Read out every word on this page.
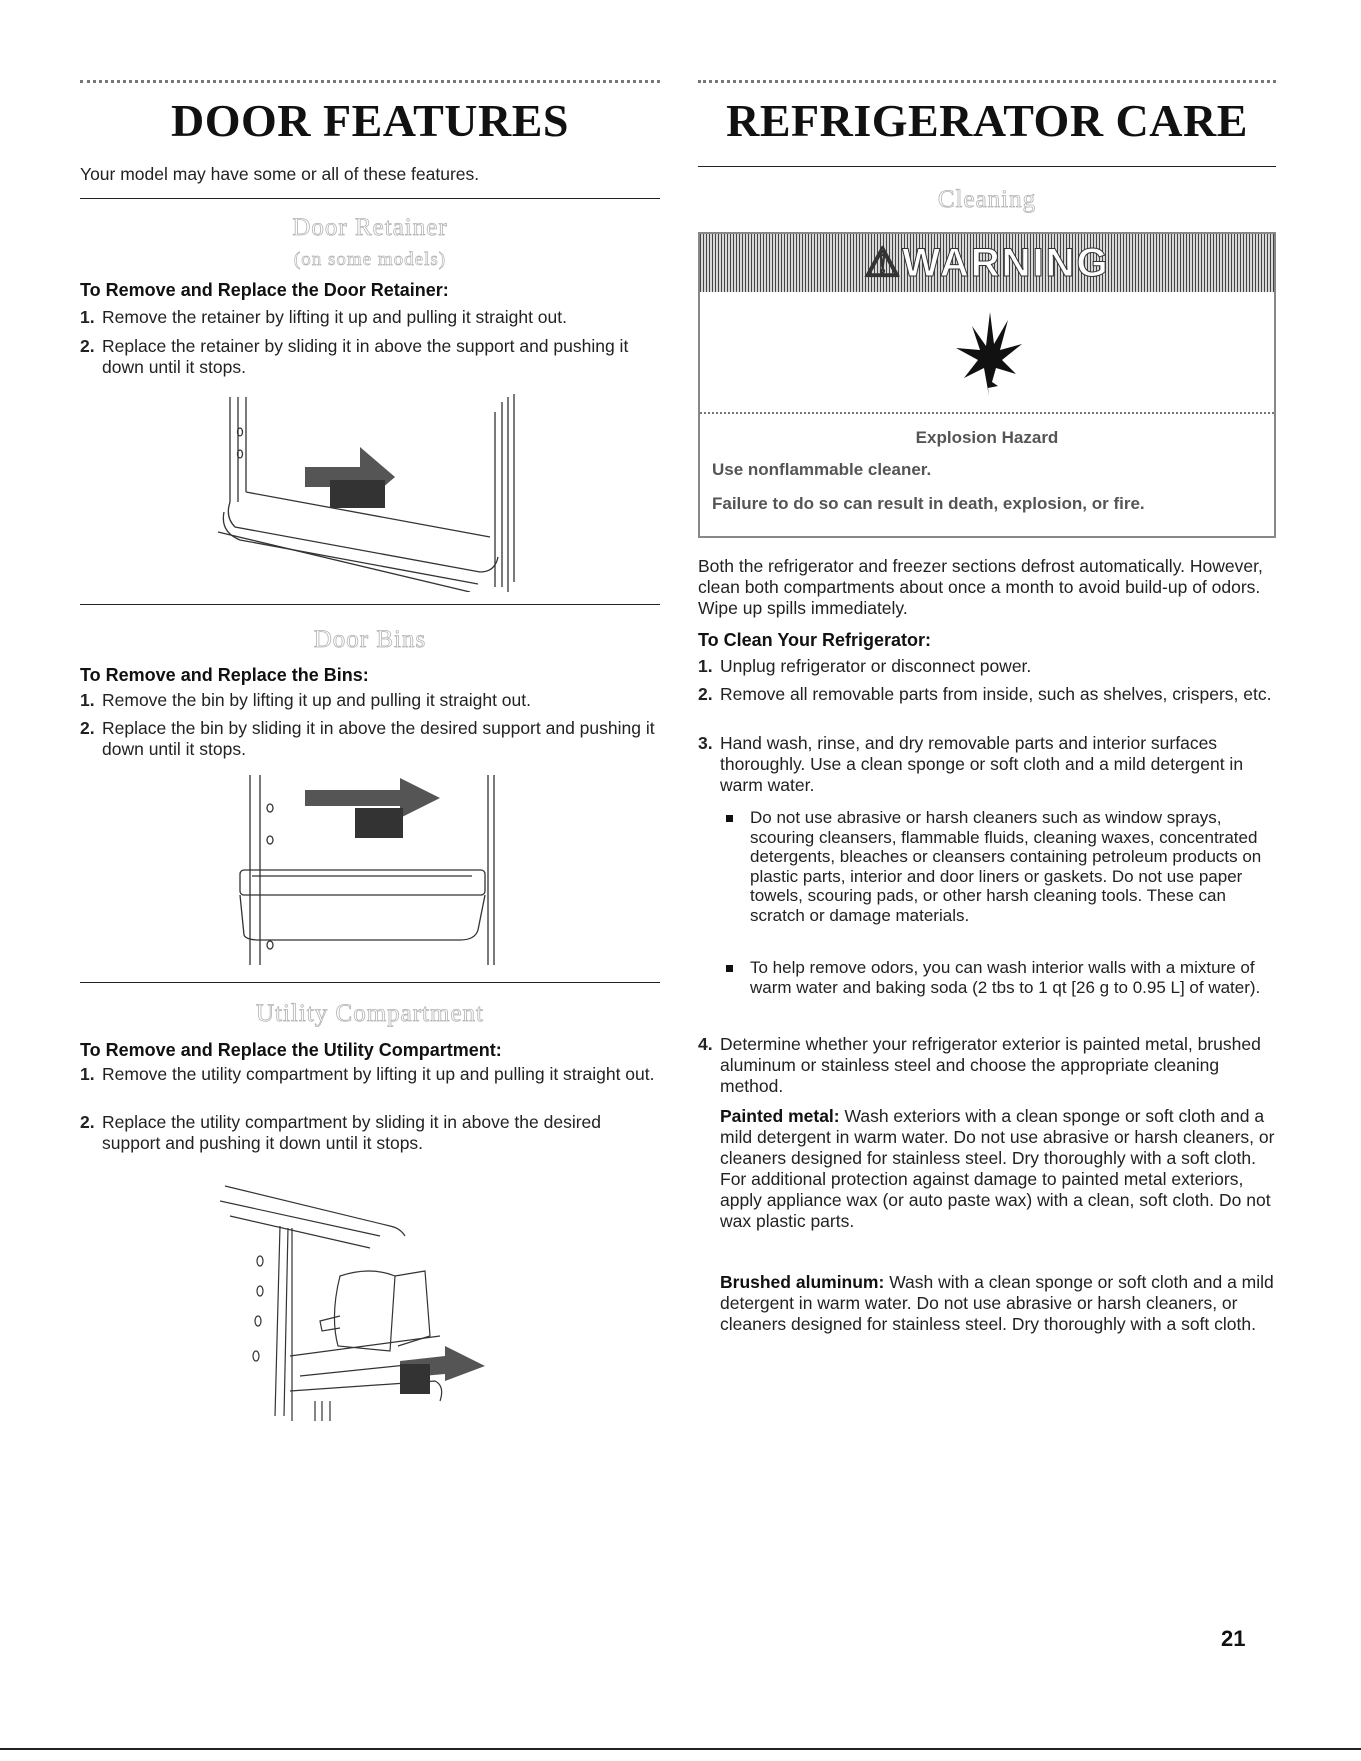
DOOR FEATURES
Your model may have some or all of these features.
Door Retainer
(on some models)
To Remove and Replace the Door Retainer:
1. Remove the retainer by lifting it up and pulling it straight out.
2. Replace the retainer by sliding it in above the support and pushing it down until it stops.
Door Bins
To Remove and Replace the Bins:
1. Remove the bin by lifting it up and pulling it straight out.
2. Replace the bin by sliding it in above the desired support and pushing it down until it stops.
Utility Compartment
To Remove and Replace the Utility Compartment:
1. Remove the utility compartment by lifting it up and pulling it straight out.
2. Replace the utility compartment by sliding it in above the desired support and pushing it down until it stops.
REFRIGERATOR CARE
Cleaning
⚠WARNING
Explosion Hazard
Use nonflammable cleaner.
Failure to do so can result in death, explosion, or fire.
Both the refrigerator and freezer sections defrost automatically. However, clean both compartments about once a month to avoid build-up of odors. Wipe up spills immediately.
To Clean Your Refrigerator:
1. Unplug refrigerator or disconnect power.
2. Remove all removable parts from inside, such as shelves, crispers, etc.
3. Hand wash, rinse, and dry removable parts and interior surfaces thoroughly. Use a clean sponge or soft cloth and a mild detergent in warm water.
Do not use abrasive or harsh cleaners such as window sprays, scouring cleansers, flammable fluids, cleaning waxes, concentrated detergents, bleaches or cleansers containing petroleum products on plastic parts, interior and door liners or gaskets. Do not use paper towels, scouring pads, or other harsh cleaning tools. These can scratch or damage materials.
To help remove odors, you can wash interior walls with a mixture of warm water and baking soda (2 tbs to 1 qt [26 g to 0.95 L] of water).
4. Determine whether your refrigerator exterior is painted metal, brushed aluminum or stainless steel and choose the appropriate cleaning method.
Painted metal: Wash exteriors with a clean sponge or soft cloth and a mild detergent in warm water. Do not use abrasive or harsh cleaners, or cleaners designed for stainless steel. Dry thoroughly with a soft cloth. For additional protection against damage to painted metal exteriors, apply appliance wax (or auto paste wax) with a clean, soft cloth. Do not wax plastic parts.
Brushed aluminum: Wash with a clean sponge or soft cloth and a mild detergent in warm water. Do not use abrasive or harsh cleaners, or cleaners designed for stainless steel. Dry thoroughly with a soft cloth.
21
